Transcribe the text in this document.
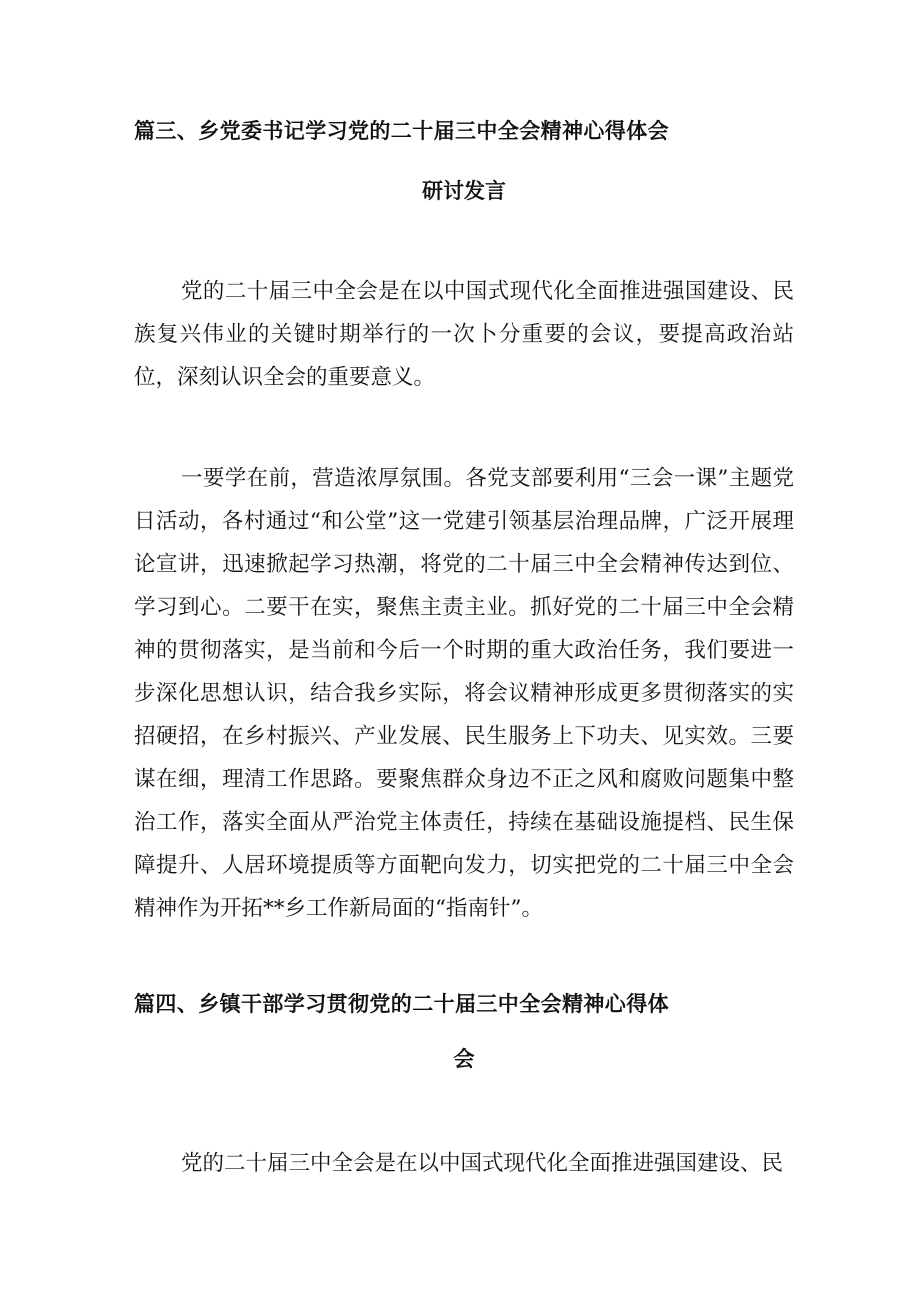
篇三、乡党委书记学习党的二十届三中全会精神心得体会
研讨发言

党的二十届三中全会是在以中国式现代化全面推进强国建设、民族复兴伟业的关键时期举行的一次卜分重要的会议，要提高政治站位，深刻认识全会的重要意义。

一要学在前，营造浓厚氛围。各党支部要利用“三会一课”主题党日活动，各村通过“和公堂”这一党建引领基层治理品牌，广泛开展理论宣讲，迅速掀起学习热潮，将党的二十届三中全会精神传达到位、学习到心。二要干在实，聚焦主责主业。抓好党的二十届三中全会精神的贯彻落实，是当前和今后一个时期的重大政治任务，我们要进一步深化思想认识，结合我乡实际，将会议精神形成更多贯彻落实的实招硬招，在乡村振兴、产业发展、民生服务上下功夫、见实效。三要谋在细，理清工作思路。要聚焦群众身边不正之风和腐败问题集中整治工作，落实全面从严治党主体责任，持续在基础设施提档、民生保障提升、人居环境提质等方面靶向发力，切实把党的二十届三中全会精神作为开拓**乡工作新局面的“指南针”。

篇四、乡镇干部学习贯彻党的二十届三中全会精神心得体
会

党的二十届三中全会是在以中国式现代化全面推进强国建设、民
